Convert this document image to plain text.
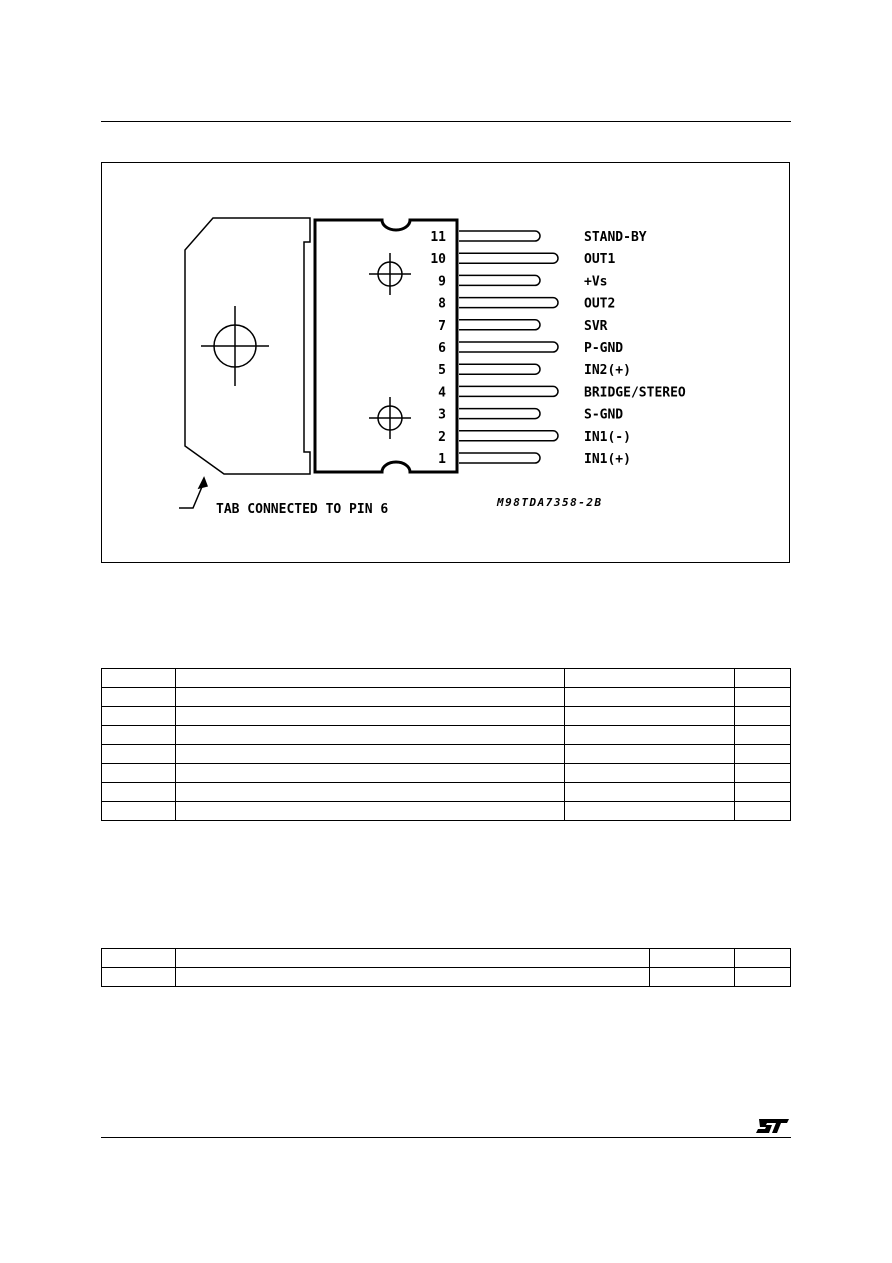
11	STAND-BY
10	OUT1
9	+Vs
8	OUT2
7	SVR
6	P-GND
5	IN2(+)
4	BRIDGE/STEREO
3	S-GND
2	IN1(-)
1	IN1(+)
TAB CONNECTED TO PIN 6	M98TDA7358-2B
